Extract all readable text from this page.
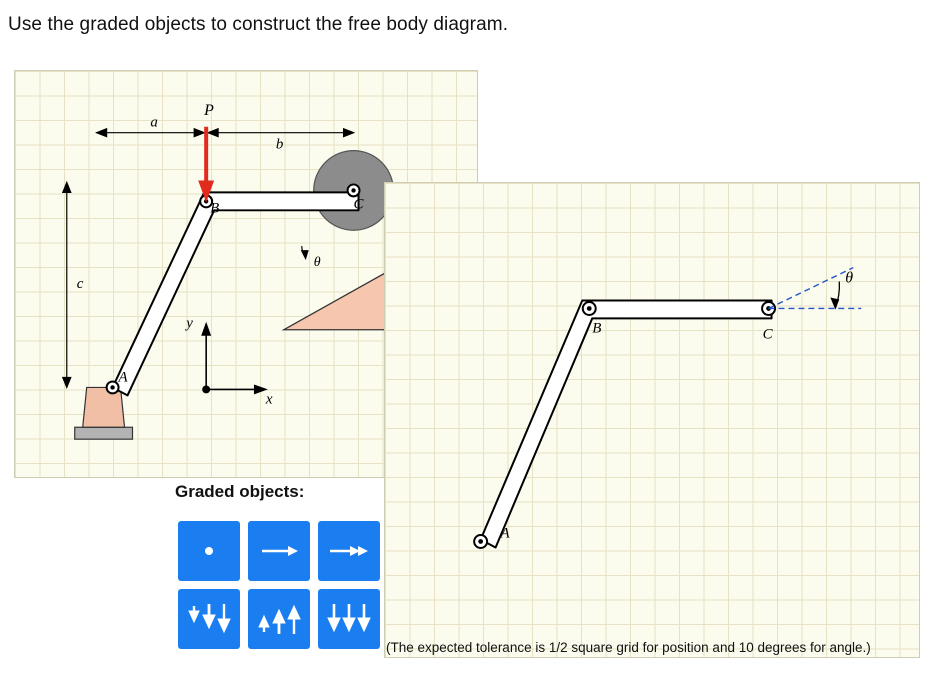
Use the graded objects to construct the free body diagram.
a
b
c
P
A
B	C
θ
y
x
A
B	C
θ
Graded objects:
(The expected tolerance is 1/2 square grid for position and 10 degrees for angle.)
